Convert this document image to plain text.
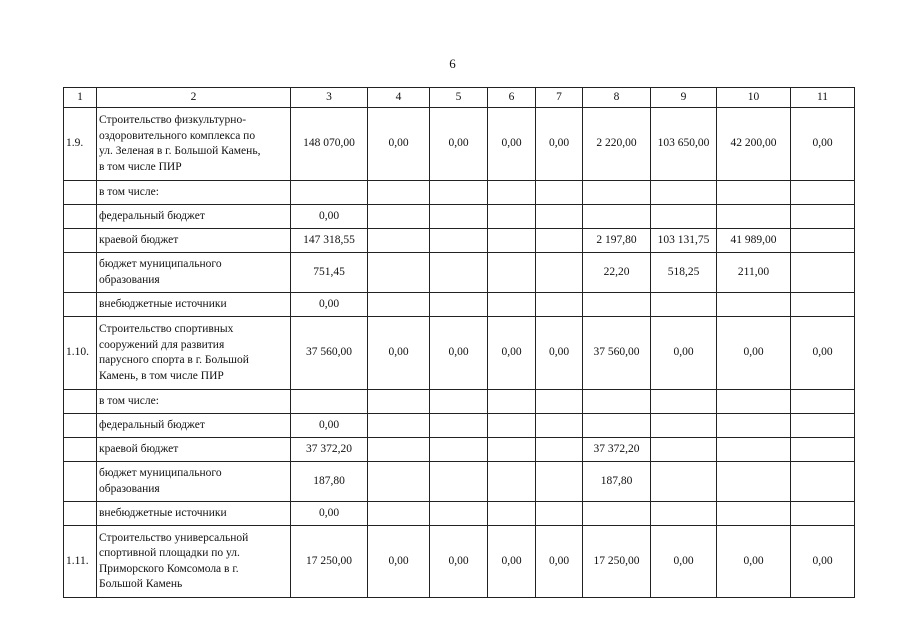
6
1	2	3	4	5	6	7	8	9	10	11
1.9.	Строительство физкультурно-
оздоровительного комплекса по
ул. Зеленая в г. Большой Камень,
в том числе ПИР	148 070,00	0,00	0,00	0,00	0,00	2 220,00	103 650,00	42 200,00	0,00
	в том числе:									
	федеральный бюджет	0,00								
	краевой бюджет	147 318,55					2 197,80	103 131,75	41 989,00	
	бюджет муниципального
образования	751,45					22,20	518,25	211,00	
	внебюджетные источники	0,00								
1.10.	Строительство спортивных
сооружений для развития
парусного спорта в г. Большой
Камень, в том числе ПИР	37 560,00	0,00	0,00	0,00	0,00	37 560,00	0,00	0,00	0,00
	в том числе:									
	федеральный бюджет	0,00								
	краевой бюджет	37 372,20					37 372,20			
	бюджет муниципального
образования	187,80					187,80			
	внебюджетные источники	0,00								
1.11.	Строительство универсальной
спортивной площадки по ул.
Приморского Комсомола в г.
Большой Камень	17 250,00	0,00	0,00	0,00	0,00	17 250,00	0,00	0,00	0,00
